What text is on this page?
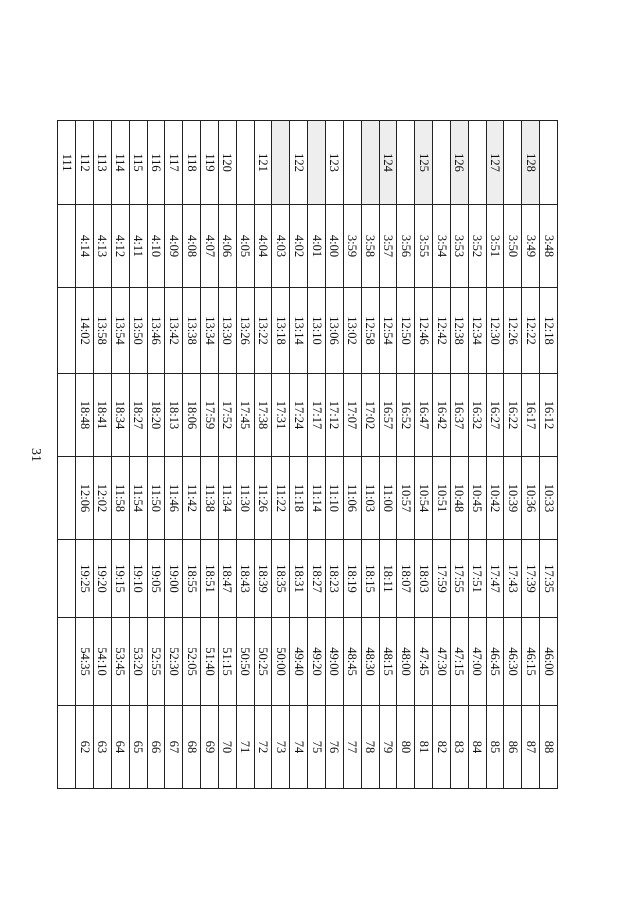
31
	3:48	12:18	16:12	10:33	17:35	46:00	88
128	3:49	12:22	16:17	10:36	17:39	46:15	87
	3:50	12:26	16:22	10:39	17:43	46:30	86
127	3:51	12:30	16:27	10:42	17:47	46:45	85
	3:52	12:34	16:32	10:45	17:51	47:00	84
126	3:53	12:38	16:37	10:48	17:55	47:15	83
	3:54	12:42	16:42	10:51	17:59	47:30	82
125	3:55	12:46	16:47	10:54	18:03	47:45	81
	3:56	12:50	16:52	10:57	18:07	48:00	80
124	3:57	12:54	16:57	11:00	18:11	48:15	79
	3:58	12:58	17:02	11:03	18:15	48:30	78
	3:59	13:02	17:07	11:06	18:19	48:45	77
123	4:00	13:06	17:12	11:10	18:23	49:00	76
	4:01	13:10	17:17	11:14	18:27	49:20	75
122	4:02	13:14	17:24	11:18	18:31	49:40	74
	4:03	13:18	17:31	11:22	18:35	50:00	73
121	4:04	13:22	17:38	11:26	18:39	50:25	72
	4:05	13:26	17:45	11:30	18:43	50:50	71
120	4:06	13:30	17:52	11:34	18:47	51:15	70
119	4:07	13:34	17:59	11:38	18:51	51:40	69
118	4:08	13:38	18:06	11:42	18:55	52:05	68
117	4:09	13:42	18:13	11:46	19:00	52:30	67
116	4:10	13:46	18:20	11:50	19:05	52:55	66
115	4:11	13:50	18:27	11:54	19:10	53:20	65
114	4:12	13:54	18:34	11:58	19:15	53:45	64
113	4:13	13:58	18:41	12:02	19:20	54:10	63
112	4:14	14:02	18:48	12:06	19:25	54:35	62
111							
